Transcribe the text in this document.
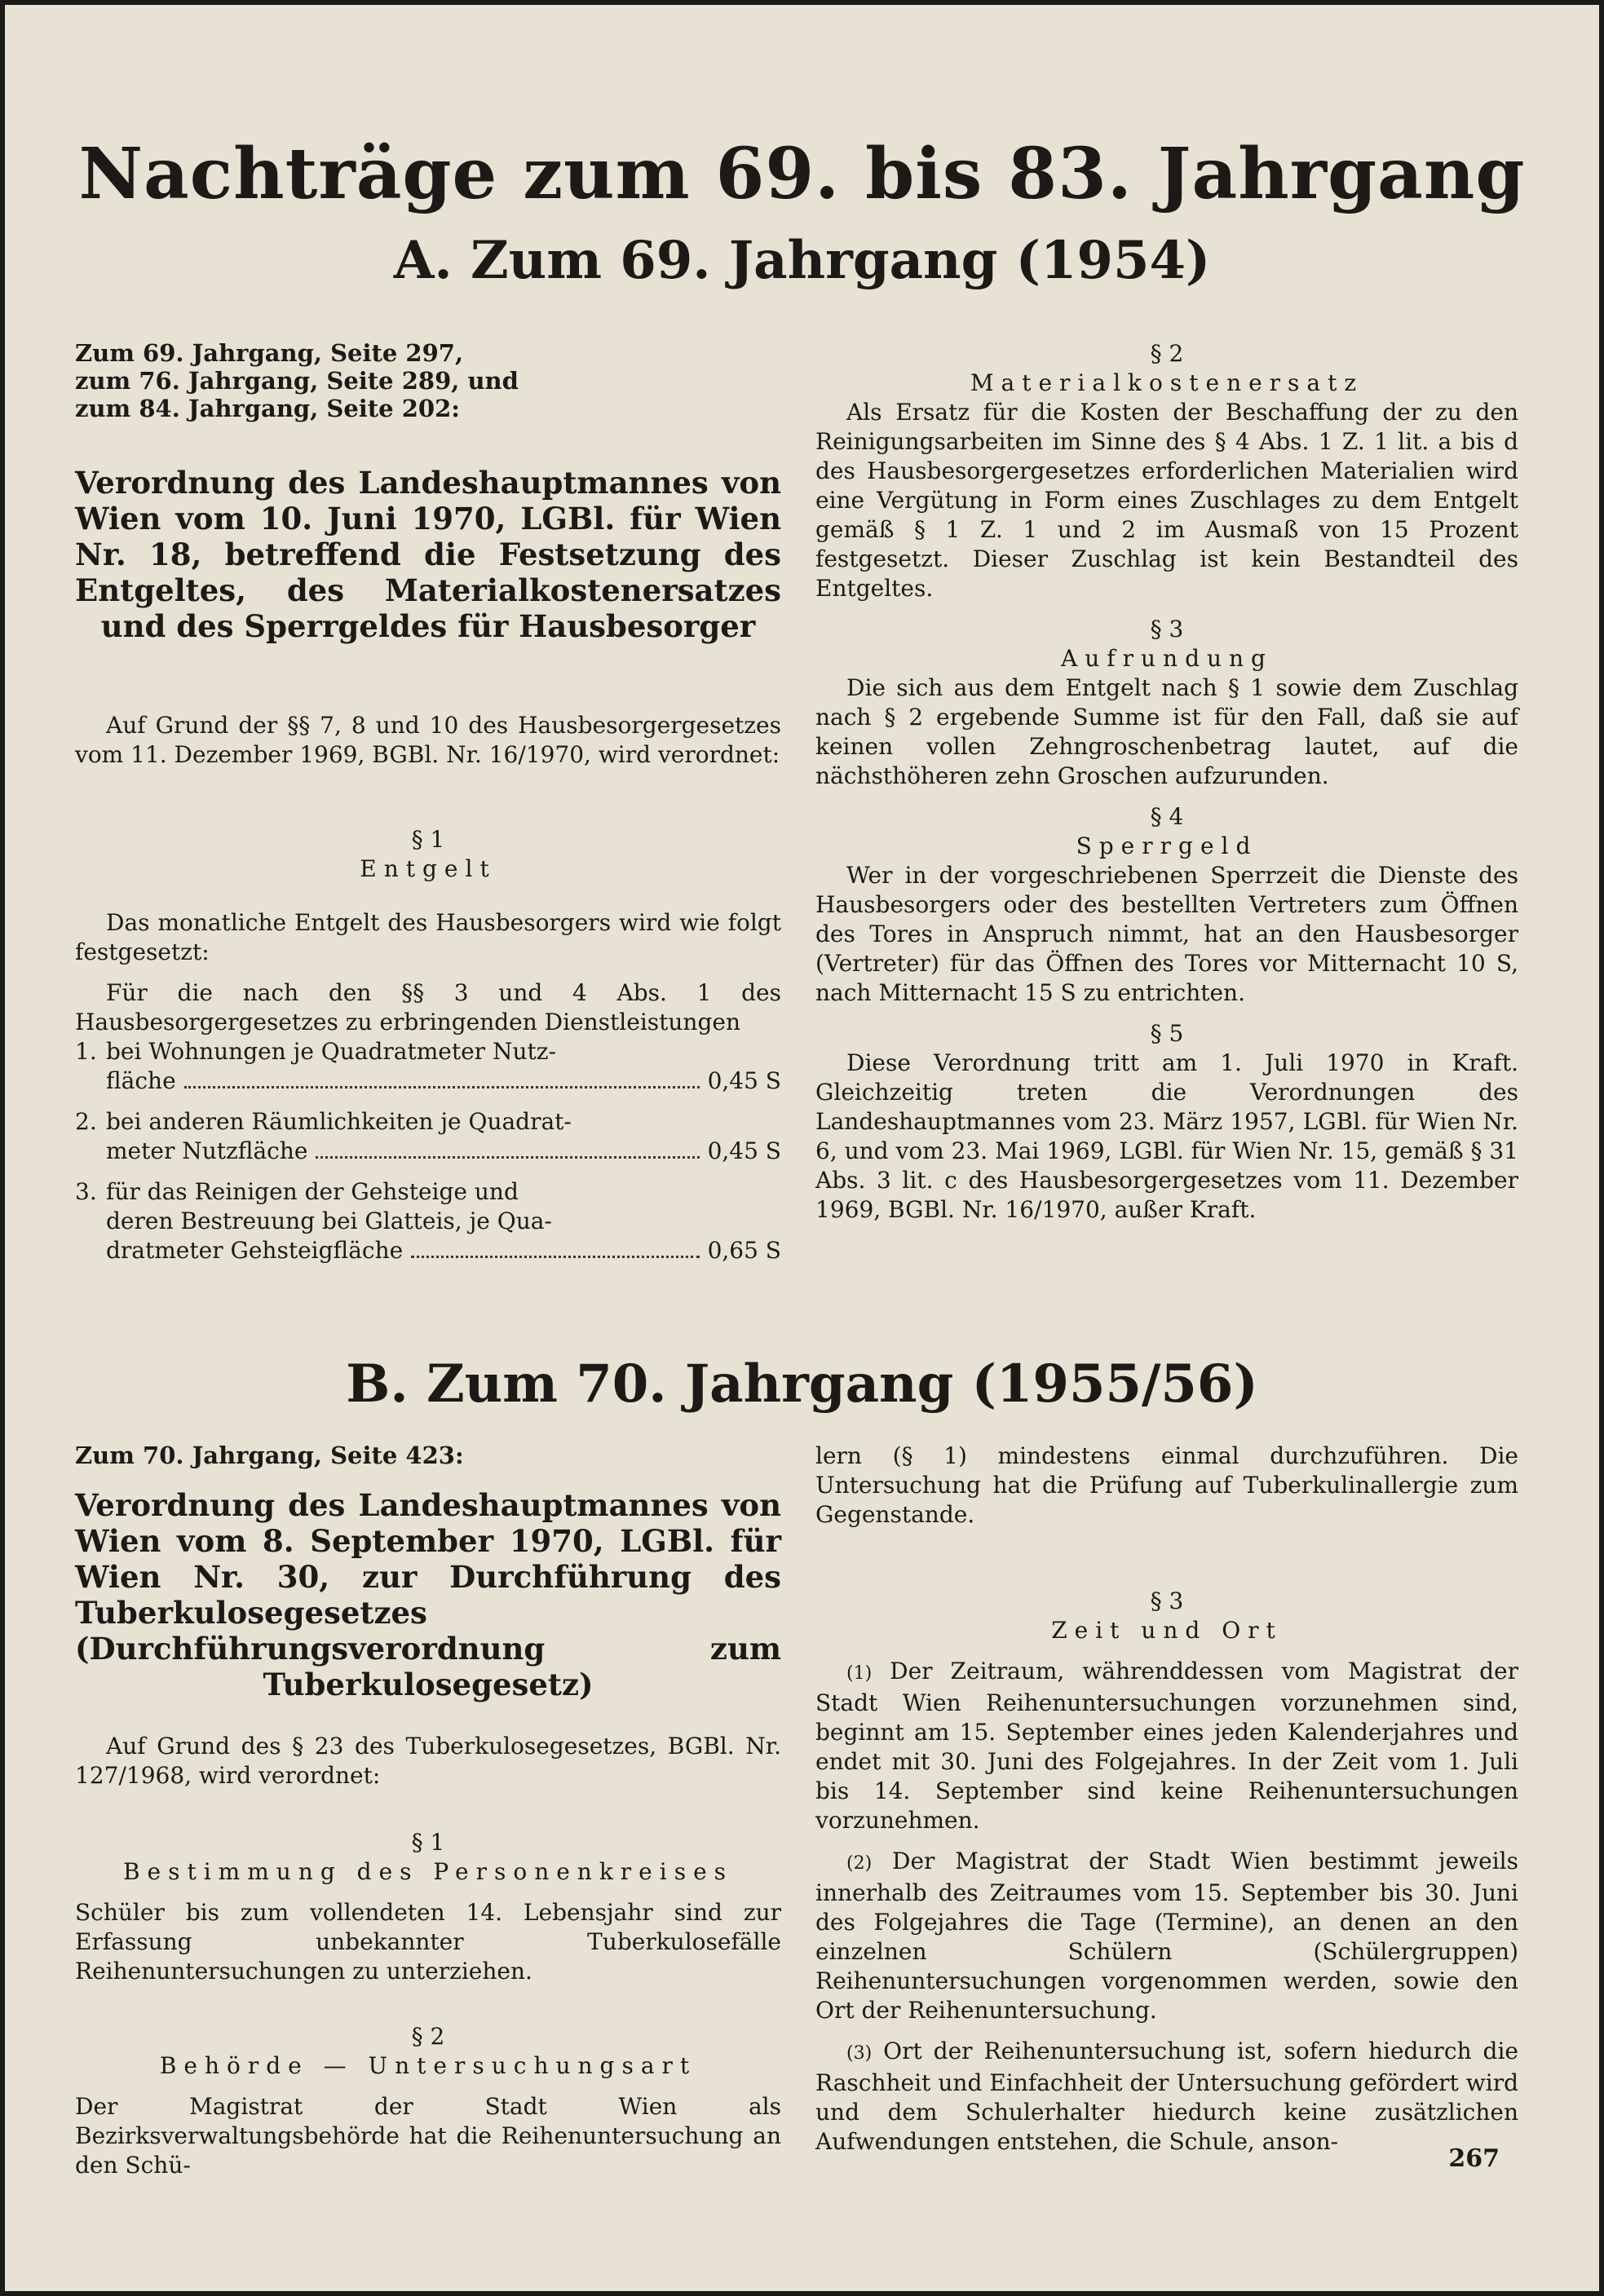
Nachträge zum 69. bis 83. Jahrgang
A. Zum 69. Jahrgang (1954)

Zum 69. Jahrgang, Seite 297,
zum 76. Jahrgang, Seite 289, und
zum 84. Jahrgang, Seite 202:

Verordnung des Landeshauptmannes von Wien vom 10. Juni 1970, LGBl. für Wien Nr. 18, betreffend die Festsetzung des Entgeltes, des Materialkostenersatzes und des Sperrgeldes für Hausbesorger

Auf Grund der §§ 7, 8 und 10 des Hausbesorgergesetzes vom 11. Dezember 1969, BGBl. Nr. 16/1970, wird verordnet:

§ 1

Entgelt

Das monatliche Entgelt des Hausbesorgers wird wie folgt festgesetzt:

Für die nach den §§ 3 und 4 Abs. 1 des Hausbesorgergesetzes zu erbringenden Dienstleistungen

1. bei Wohnungen je Quadratmeter Nutz-
fläche	0,45 S
2. bei anderen Räumlichkeiten je Quadrat-
meter Nutzfläche	0,45 S
3. für das Reinigen der Gehsteige und
deren Bestreuung bei Glatteis, je Qua-
dratmeter Gehsteigfläche	0,65 S

§ 2

Materialkostenersatz

Als Ersatz für die Kosten der Beschaffung der zu den Reinigungsarbeiten im Sinne des § 4 Abs. 1 Z. 1 lit. a bis d des Hausbesorgergesetzes erforderlichen Materialien wird eine Vergütung in Form eines Zuschlages zu dem Entgelt gemäß § 1 Z. 1 und 2 im Ausmaß von 15 Prozent festgesetzt. Dieser Zuschlag ist kein Bestandteil des Entgeltes.

§ 3

Aufrundung

Die sich aus dem Entgelt nach § 1 sowie dem Zuschlag nach § 2 ergebende Summe ist für den Fall, daß sie auf keinen vollen Zehngroschenbetrag lautet, auf die nächsthöheren zehn Groschen aufzurunden.

§ 4

Sperrgeld

Wer in der vorgeschriebenen Sperrzeit die Dienste des Hausbesorgers oder des bestellten Vertreters zum Öffnen des Tores in Anspruch nimmt, hat an den Hausbesorger (Vertreter) für das Öffnen des Tores vor Mitternacht 10 S, nach Mitternacht 15 S zu entrichten.

§ 5

Diese Verordnung tritt am 1. Juli 1970 in Kraft. Gleichzeitig treten die Verordnungen des Landeshauptmannes vom 23. März 1957, LGBl. für Wien Nr. 6, und vom 23. Mai 1969, LGBl. für Wien Nr. 15, gemäß § 31 Abs. 3 lit. c des Hausbesorgergesetzes vom 11. Dezember 1969, BGBl. Nr. 16/1970, außer Kraft.

B. Zum 70. Jahrgang (1955/56)

Zum 70. Jahrgang, Seite 423:

Verordnung des Landeshauptmannes von Wien vom 8. September 1970, LGBl. für Wien Nr. 30, zur Durchführung des Tuberkulosegesetzes (Durchführungsverordnung zum Tuberkulosegesetz)

Auf Grund des § 23 des Tuberkulosegesetzes, BGBl. Nr. 127/1968, wird verordnet:

§ 1

Bestimmung des Personenkreises

Schüler bis zum vollendeten 14. Lebensjahr sind zur Erfassung unbekannter Tuberkulosefälle Reihenuntersuchungen zu unterziehen.

§ 2

Behörde — Untersuchungsart

Der Magistrat der Stadt Wien als Bezirksverwaltungsbehörde hat die Reihenuntersuchung an den Schü-

lern (§ 1) mindestens einmal durchzuführen. Die Untersuchung hat die Prüfung auf Tuberkulinallergie zum Gegenstande.

§ 3

Zeit und Ort

(1) Der Zeitraum, währenddessen vom Magistrat der Stadt Wien Reihenuntersuchungen vorzunehmen sind, beginnt am 15. September eines jeden Kalenderjahres und endet mit 30. Juni des Folgejahres. In der Zeit vom 1. Juli bis 14. September sind keine Reihenuntersuchungen vorzunehmen.

(2) Der Magistrat der Stadt Wien bestimmt jeweils innerhalb des Zeitraumes vom 15. September bis 30. Juni des Folgejahres die Tage (Termine), an denen an den einzelnen Schülern (Schülergruppen) Reihenuntersuchungen vorgenommen werden, sowie den Ort der Reihenuntersuchung.

(3) Ort der Reihenuntersuchung ist, sofern hiedurch die Raschheit und Einfachheit der Untersuchung gefördert wird und dem Schulerhalter hiedurch keine zusätzlichen Aufwendungen entstehen, die Schule, anson-

267
